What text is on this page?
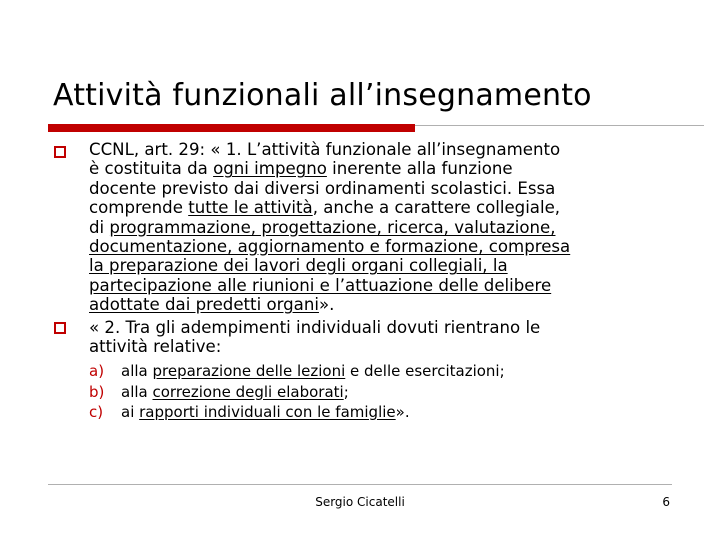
Attività funzionali all’insegnamento
CCNL, art. 29: « 1. L’attività funzionale all’insegnamento
è costituita da ogni impegno inerente alla funzione
docente previsto dai diversi ordinamenti scolastici. Essa
comprende tutte le attività, anche a carattere collegiale,
di programmazione, progettazione, ricerca, valutazione,
documentazione, aggiornamento e formazione, compresa
la preparazione dei lavori degli organi collegiali, la
partecipazione alle riunioni e l’attuazione delle delibere
adottate dai predetti organi».
« 2. Tra gli adempimenti individuali dovuti rientrano le
attività relative:
a) alla preparazione delle lezioni e delle esercitazioni;
b) alla correzione degli elaborati;
c) ai rapporti individuali con le famiglie».
Sergio Cicatelli	6
